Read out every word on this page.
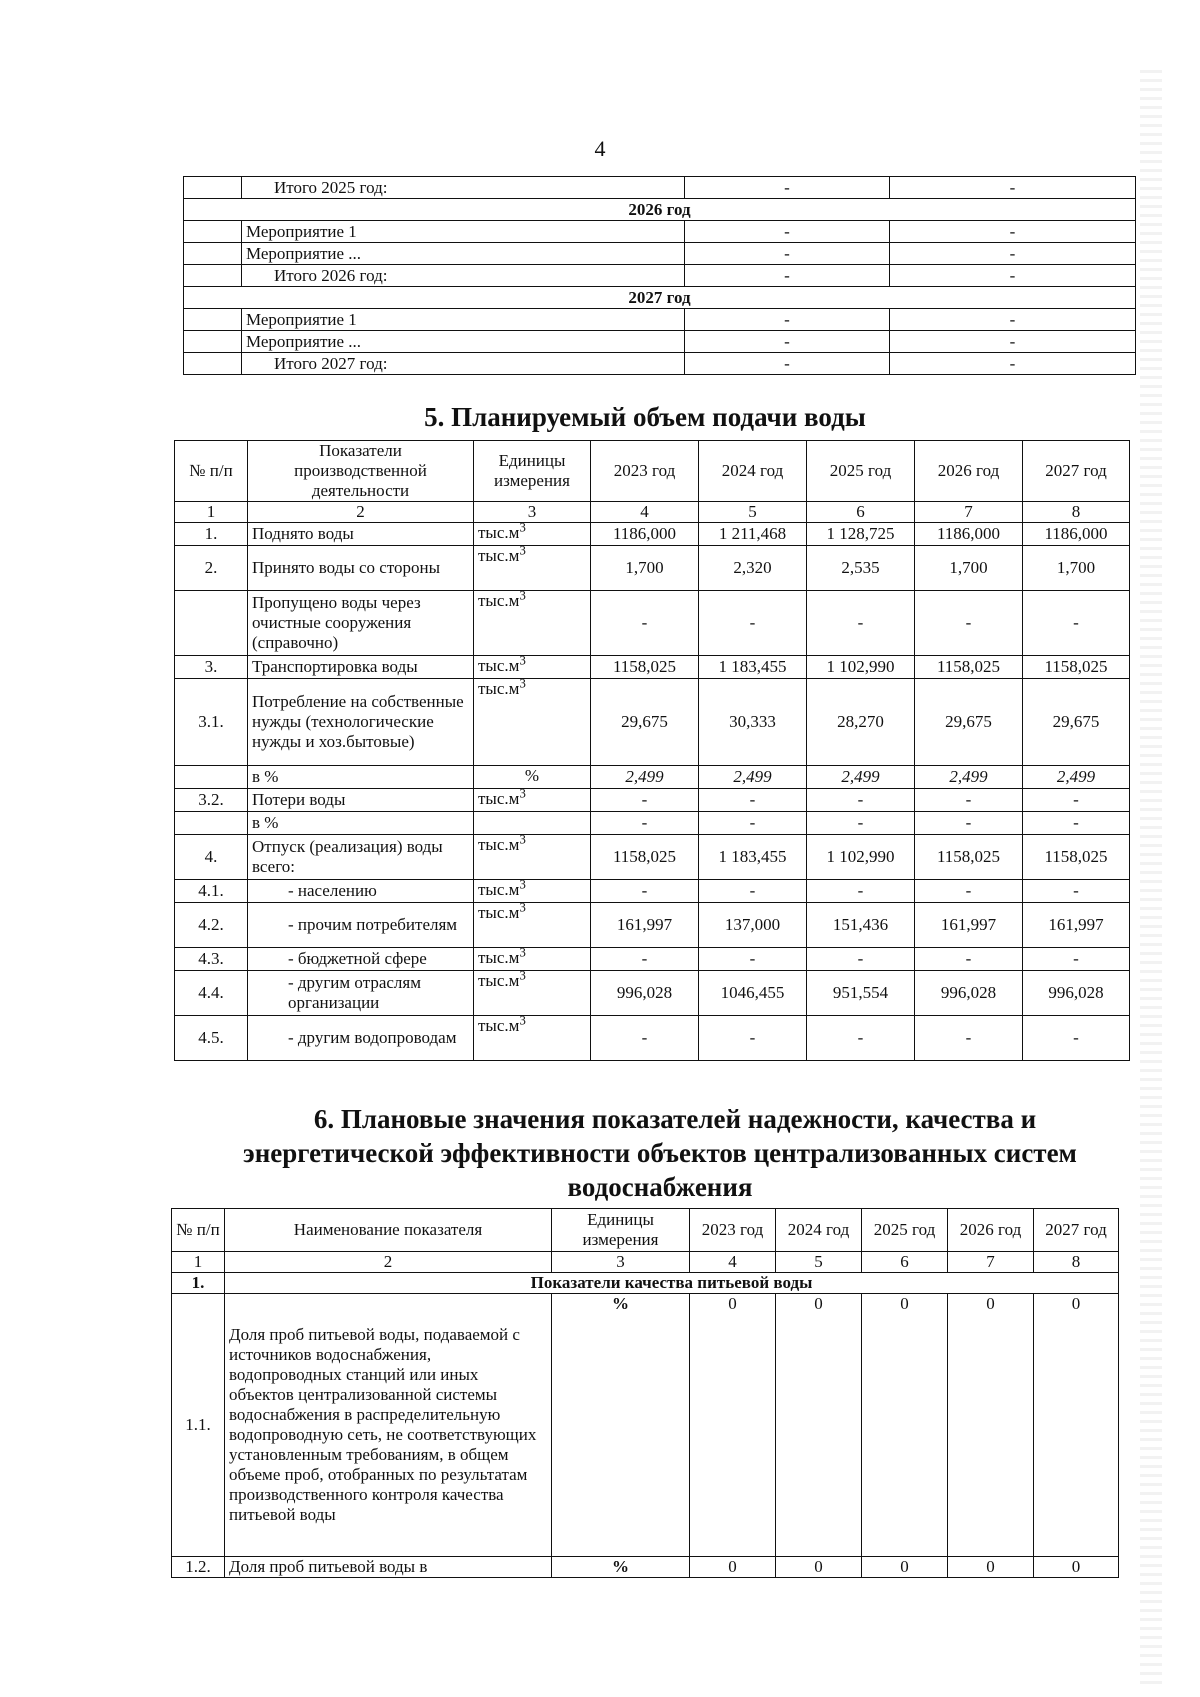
4
	Итого 2025 год:	-	-
2026 год			
	Мероприятие 1	-	-
	Мероприятие ...	-	-
	Итого 2026 год:	-	-
2027 год			
	Мероприятие 1	-	-
	Мероприятие ...	-	-
	Итого 2027 год:	-	-
5. Планируемый объем подачи воды
№ п/п	Показатели производственной деятельности	Единицы измерения	2023 год	2024 год	2025 год	2026 год	2027 год
1	2	3	4	5	6	7	8
1.	Поднято воды	$тыс.м^3$	1186,000	1 211,468	1 128,725	1186,000	1186,000
2.	Принято воды со стороны	$тыс.м^3$	1,700	2,320	2,535	1,700	1,700
	Пропущено воды через очистные сооружения (справочно)	$тыс.м^3$	-	-	-	-	-
3.	Транспортировка воды	$тыс.м^3$	1158,025	1 183,455	1 102,990	1158,025	1158,025
3.1.	Потребление на собственные нужды (технологические нужды и хоз.бытовые)	$тыс.м^3$	29,675	30,333	28,270	29,675	29,675
	в %	%	2,499	2,499	2,499	2,499	2,499
3.2.	Потери воды	$тыс.м^3$	-	-	-	-	-
	в %		-	-	-	-	-
4.	Отпуск (реализация) воды всего:	$тыс.м^3$	1158,025	1 183,455	1 102,990	1158,025	1158,025
4.1.	- населению	$тыс.м^3$	-	-	-	-	-
4.2.	- прочим потребителям	$тыс.м^3$	161,997	137,000	151,436	161,997	161,997
4.3.	- бюджетной сфере	$тыс.м^3$	-	-	-	-	-
4.4.	- другим отраслям организации	$тыс.м^3$	996,028	1046,455	951,554	996,028	996,028
4.5.	- другим водопроводам	$тыс.м^3$	-	-	-	-	-
6. Плановые значения показателей надежности, качества и
энергетической эффективности объектов централизованных систем
водоснабжения
№ п/п	Наименование показателя	Единицы измерения	2023 год	2024 год	2025 год	2026 год	2027 год
1	2	3	4	5	6	7	8
1.	Показатели качества питьевой воды						
1.1.	Доля проб питьевой воды, подаваемой с источников водоснабжения, водопроводных станций или иных объектов централизованной системы водоснабжения в распределительную водопроводную сеть, не соответствующих установленным требованиям, в общем объеме проб, отобранных по результатам производственного контроля качества питьевой воды	%	0	0	0	0	0
1.2.	Доля проб питьевой воды в	%	0	0	0	0	0
